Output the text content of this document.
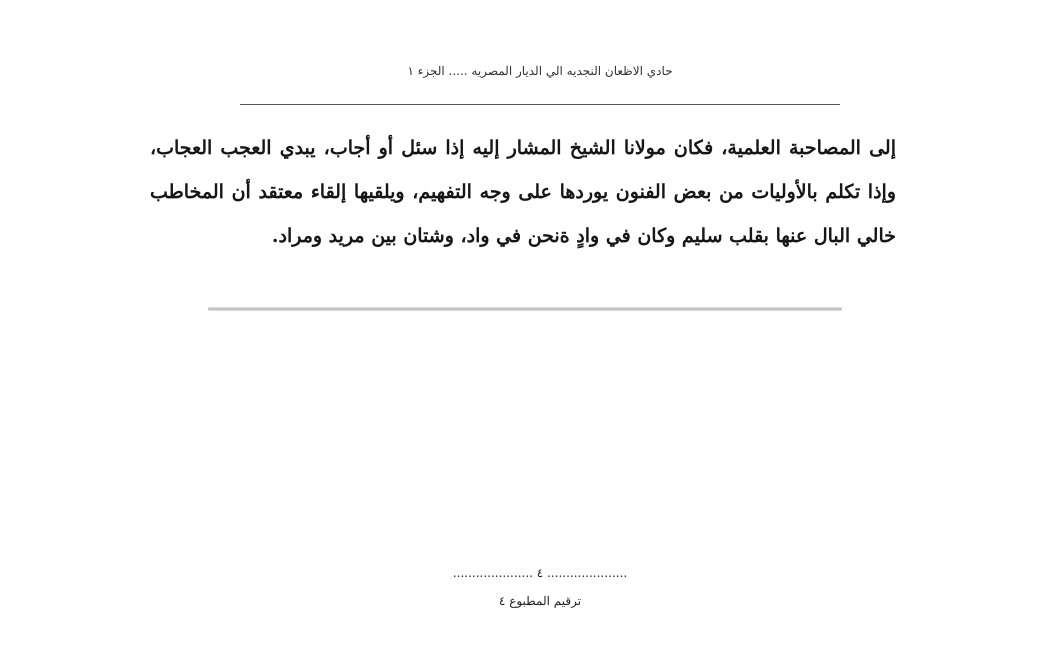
حادي الاظعان النجديه الي الديار المصريه ..... الجزء ١
إلى المصاحبة العلمية، فكان مولانا الشيخ المشار إليه إذا سئل أو أجاب، يبدي العجب العجاب، وإذا تكلم بالأوليات من بعض الفنون يوردها على وجه التفهيم، ويلقيها إلقاء معتقد أن المخاطب خالي البال عنها بقلب سليم وكان في وادٍ ةنحن في واد، وشتان بين مريد ومراد.
..................... ٤ .....................
ترقيم المطبوع ٤
